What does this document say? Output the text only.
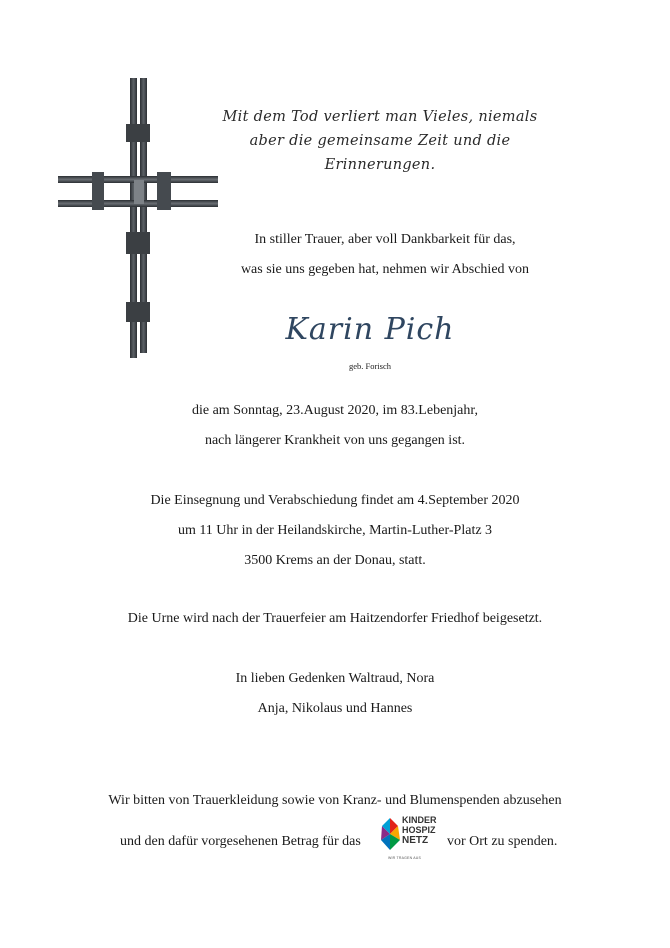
Mit dem Tod verliert man Vieles, niemals
aber die gemeinsame Zeit und die
Erinnerungen.
In stiller Trauer, aber voll Dankbarkeit für das,
was sie uns gegeben hat, nehmen wir Abschied von
Karin Pich
geb. Forisch
die am Sonntag, 23.August 2020, im 83.Lebenjahr,
nach längerer Krankheit von uns gegangen ist.
Die Einsegnung und Verabschiedung findet am 4.September 2020
um 11 Uhr in der Heilandskirche, Martin-Luther-Platz 3
3500 Krems an der Donau, statt.
Die Urne wird nach der Trauerfeier am Haitzendorfer Friedhof beigesetzt.
In lieben Gedenken Waltraud, Nora
Anja, Nikolaus und Hannes
Wir bitten von Trauerkleidung sowie von Kranz- und Blumenspenden abzusehen
und den dafür vorgesehenen Betrag für das	vor Ort zu spenden.
KINDER
HOSPIZ
NETZ
WIR TRAGEN AUS
